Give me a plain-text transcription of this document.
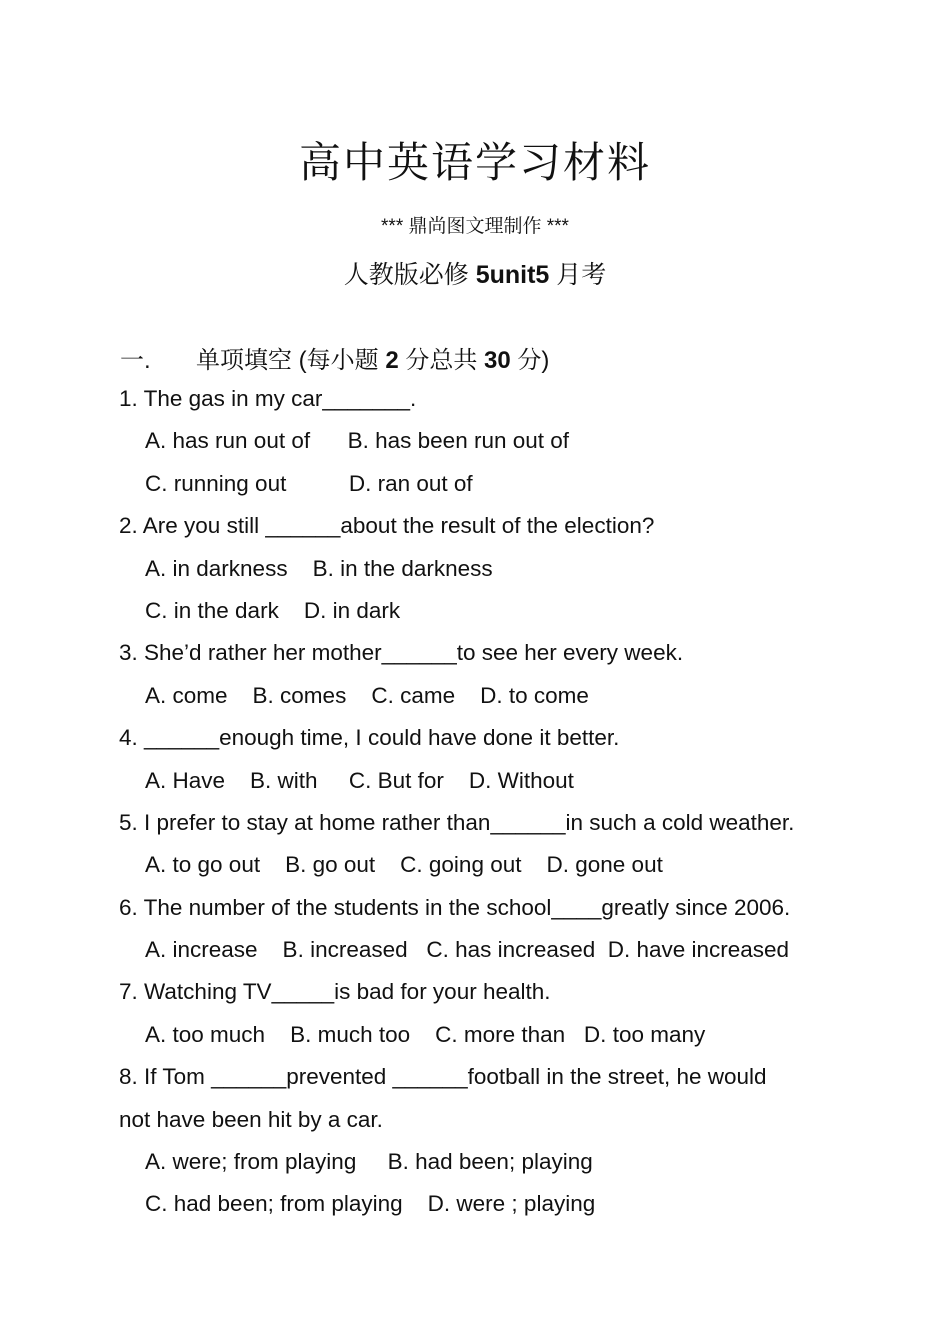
高中英语学习材料
*** 鼎尚图文理制作 ***
人教版必修 5unit5 月考
一. 单项填空 (每小题 2 分总共 30 分)
1. The gas in my car_______.
A. has run out of      B. has been run out of
C. running out          D. ran out of
2. Are you still ______about the result of the election?
A. in darkness    B. in the darkness
C. in the dark    D. in dark
3. She’d rather her mother______to see her every week.
A. come    B. comes    C. came    D. to come
4. ______enough time, I could have done it better.
A. Have    B. with     C. But for    D. Without
5. I prefer to stay at home rather than______in such a cold weather.
A. to go out    B. go out    C. going out    D. gone out
6. The number of the students in the school____greatly since 2006.
A. increase    B. increased   C. has increased  D. have increased
7. Watching TV_____is bad for your health.
A. too much    B. much too    C. more than   D. too many
8. If Tom ______prevented ______football in the street, he would
not have been hit by a car.
A. were; from playing     B. had been; playing
C. had been; from playing    D. were ; playing
